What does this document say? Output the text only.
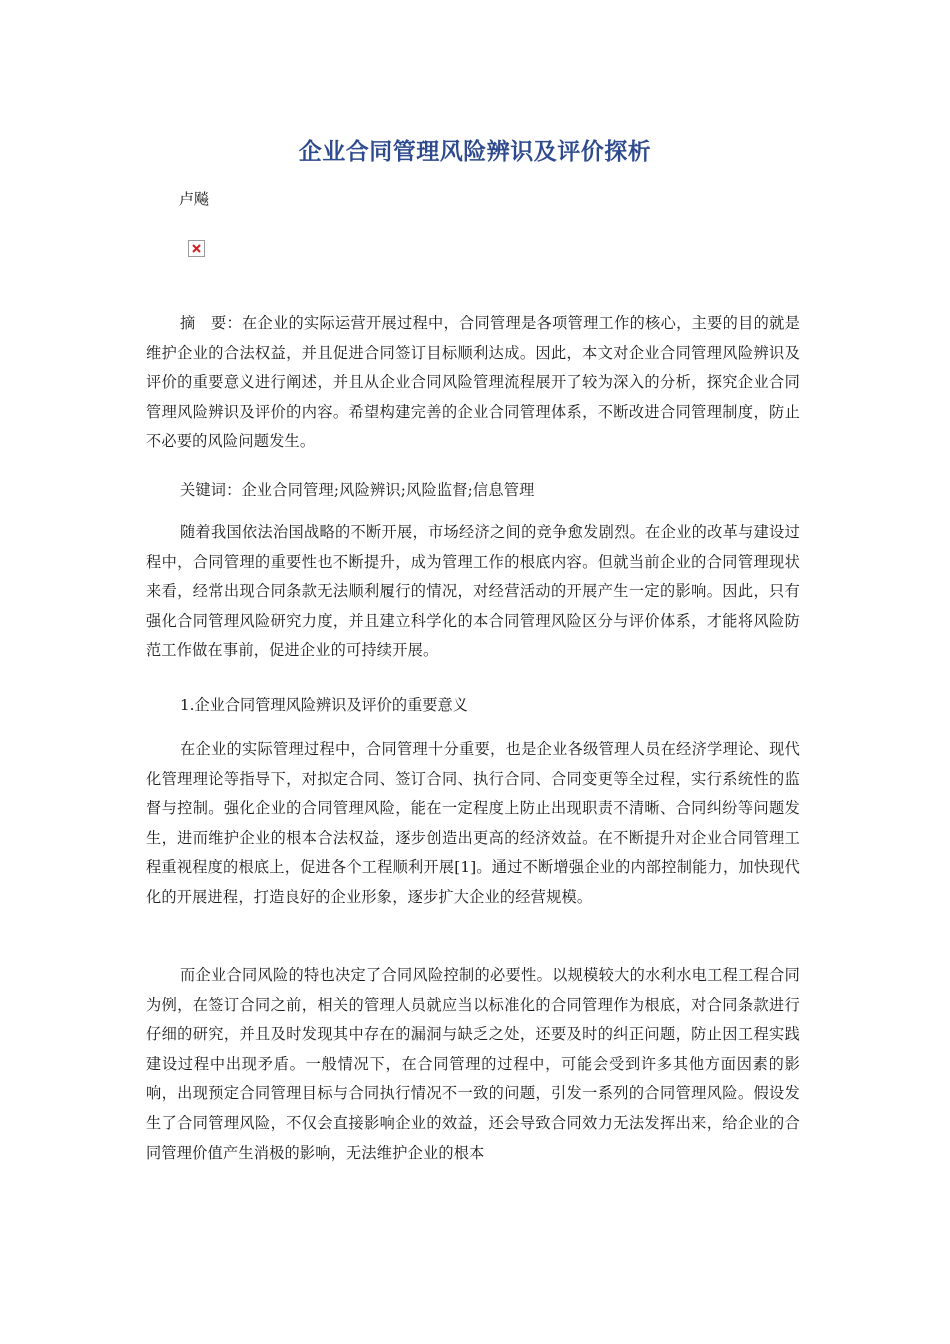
企业合同管理风险辨识及评价探析

卢飚

摘　要：在企业的实际运营开展过程中，合同管理是各项管理工作的核心，主要的目的就是维护企业的合法权益，并且促进合同签订目标顺利达成。因此，本文对企业合同管理风险辨识及评价的重要意义进行阐述，并且从企业合同风险管理流程展开了较为深入的分析，探究企业合同管理风险辨识及评价的内容。希望构建完善的企业合同管理体系，不断改进合同管理制度，防止不必要的风险问题发生。

关键词：企业合同管理;风险辨识;风险监督;信息管理

随着我国依法治国战略的不断开展，市场经济之间的竞争愈发剧烈。在企业的改革与建设过程中，合同管理的重要性也不断提升，成为管理工作的根底内容。但就当前企业的合同管理现状来看，经常出现合同条款无法顺利履行的情况，对经营活动的开展产生一定的影响。因此，只有强化合同管理风险研究力度，并且建立科学化的本合同管理风险区分与评价体系，才能将风险防范工作做在事前，促进企业的可持续开展。

1.企业合同管理风险辨识及评价的重要意义

在企业的实际管理过程中，合同管理十分重要，也是企业各级管理人员在经济学理论、现代化管理理论等指导下，对拟定合同、签订合同、执行合同、合同变更等全过程，实行系统性的监督与控制。强化企业的合同管理风险，能在一定程度上防止出现职责不清晰、合同纠纷等问题发生，进而维护企业的根本合法权益，逐步创造出更高的经济效益。在不断提升对企业合同管理工程重视程度的根底上，促进各个工程顺利开展[1]。通过不断增强企业的内部控制能力，加快现代化的开展进程，打造良好的企业形象，逐步扩大企业的经营规模。

而企业合同风险的特也决定了合同风险控制的必要性。以规模较大的水利水电工程工程合同为例，在签订合同之前，相关的管理人员就应当以标准化的合同管理作为根底，对合同条款进行仔细的研究，并且及时发现其中存在的漏洞与缺乏之处，还要及时的纠正问题，防止因工程实践建设过程中出现矛盾。一般情况下，在合同管理的过程中，可能会受到许多其他方面因素的影响，出现预定合同管理目标与合同执行情况不一致的问题，引发一系列的合同管理风险。假设发生了合同管理风险，不仅会直接影响企业的效益，还会导致合同效力无法发挥出来，给企业的合同管理价值产生消极的影响，无法维护企业的根本
